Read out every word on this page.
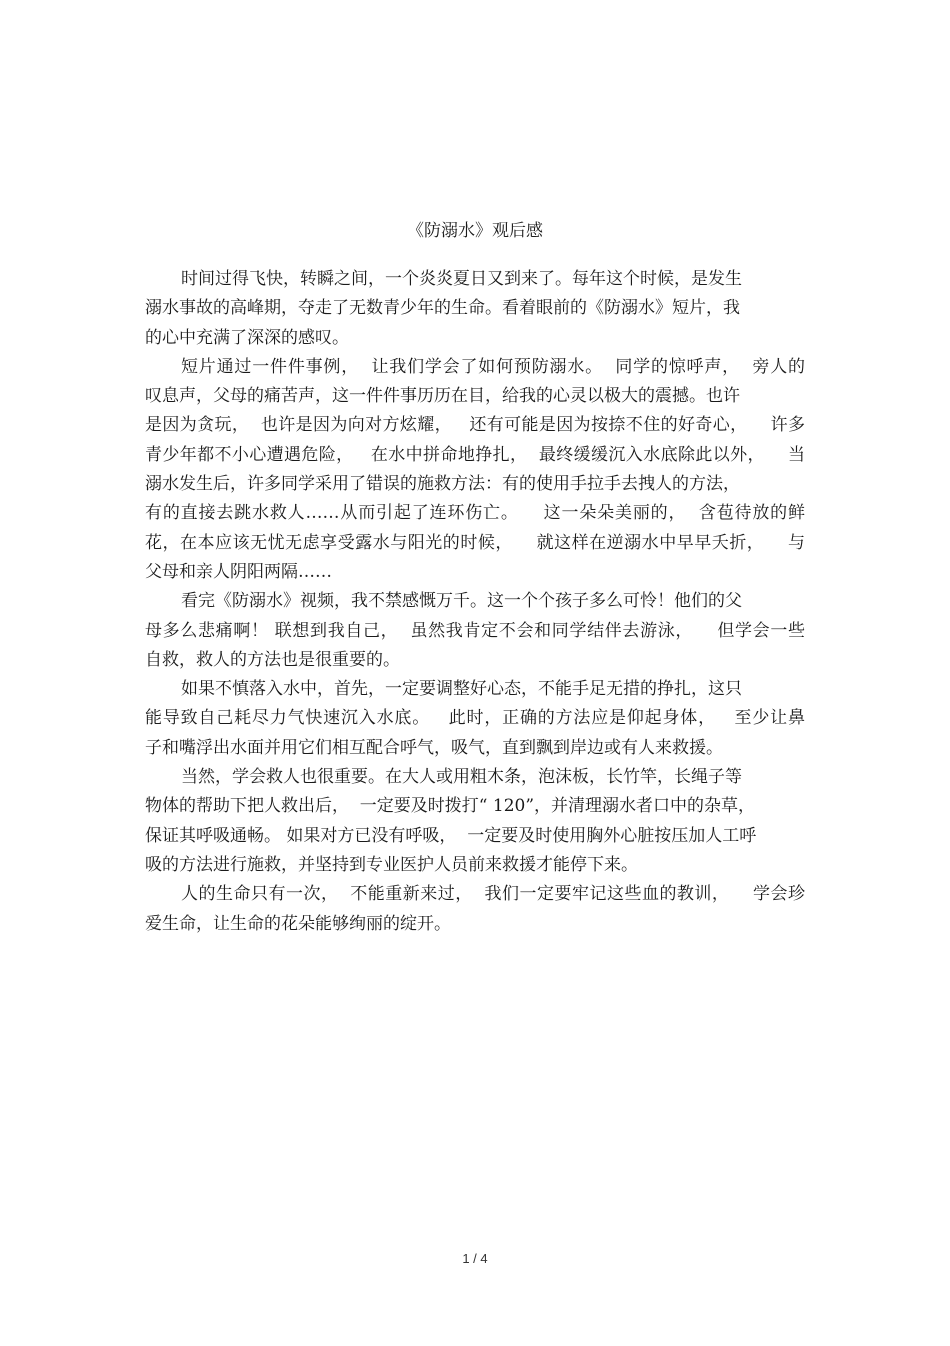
《防溺水》观后感
时间过得飞快，转瞬之间，一个炎炎夏日又到来了。每年这个时候，是发生
溺水事故的高峰期，夺走了无数青少年的生命。看着眼前的《防溺水》短片，我
的心中充满了深深的感叹。
短片通过一件件事例，  让我们学会了如何预防溺水。  同学的惊呼声，  旁人的
叹息声，父母的痛苦声，这一件件事历历在目，给我的心灵以极大的震撼。也许
是因为贪玩，  也许是因为向对方炫耀，   还有可能是因为按捺不住的好奇心，    许多
青少年都不小心遭遇危险，   在水中拼命地挣扎，  最终缓缓沉入水底除此以外，    当
溺水发生后，许多同学采用了错误的施救方法：有的使用手拉手去拽人的方法，
有的直接去跳水救人……从而引起了连环伤亡。    这一朵朵美丽的，  含苞待放的鲜
花，在本应该无忧无虑享受露水与阳光的时候，    就这样在逆溺水中早早夭折，    与
父母和亲人阴阳两隔……
看完《防溺水》视频，我不禁感慨万千。这一个个孩子多么可怜！他们的父
母多么悲痛啊！ 联想到我自己，  虽然我肯定不会和同学结伴去游泳，    但学会一些
自救，救人的方法也是很重要的。
如果不慎落入水中，首先，一定要调整好心态，不能手足无措的挣扎，这只
能导致自己耗尽力气快速沉入水底。   此时，正确的方法应是仰起身体，   至少让鼻
子和嘴浮出水面并用它们相互配合呼气，吸气，直到飘到岸边或有人来救援。
当然，学会救人也很重要。在大人或用粗木条，泡沫板，长竹竿，长绳子等
物体的帮助下把人救出后，  一定要及时拨打“ 120”，并清理溺水者口中的杂草，
保证其呼吸通畅。 如果对方已没有呼吸，  一定要及时使用胸外心脏按压加人工呼
吸的方法进行施救，并坚持到专业医护人员前来救援才能停下来。
人的生命只有一次，  不能重新来过，  我们一定要牢记这些血的教训，    学会珍
爱生命，让生命的花朵能够绚丽的绽开。
1 / 4
